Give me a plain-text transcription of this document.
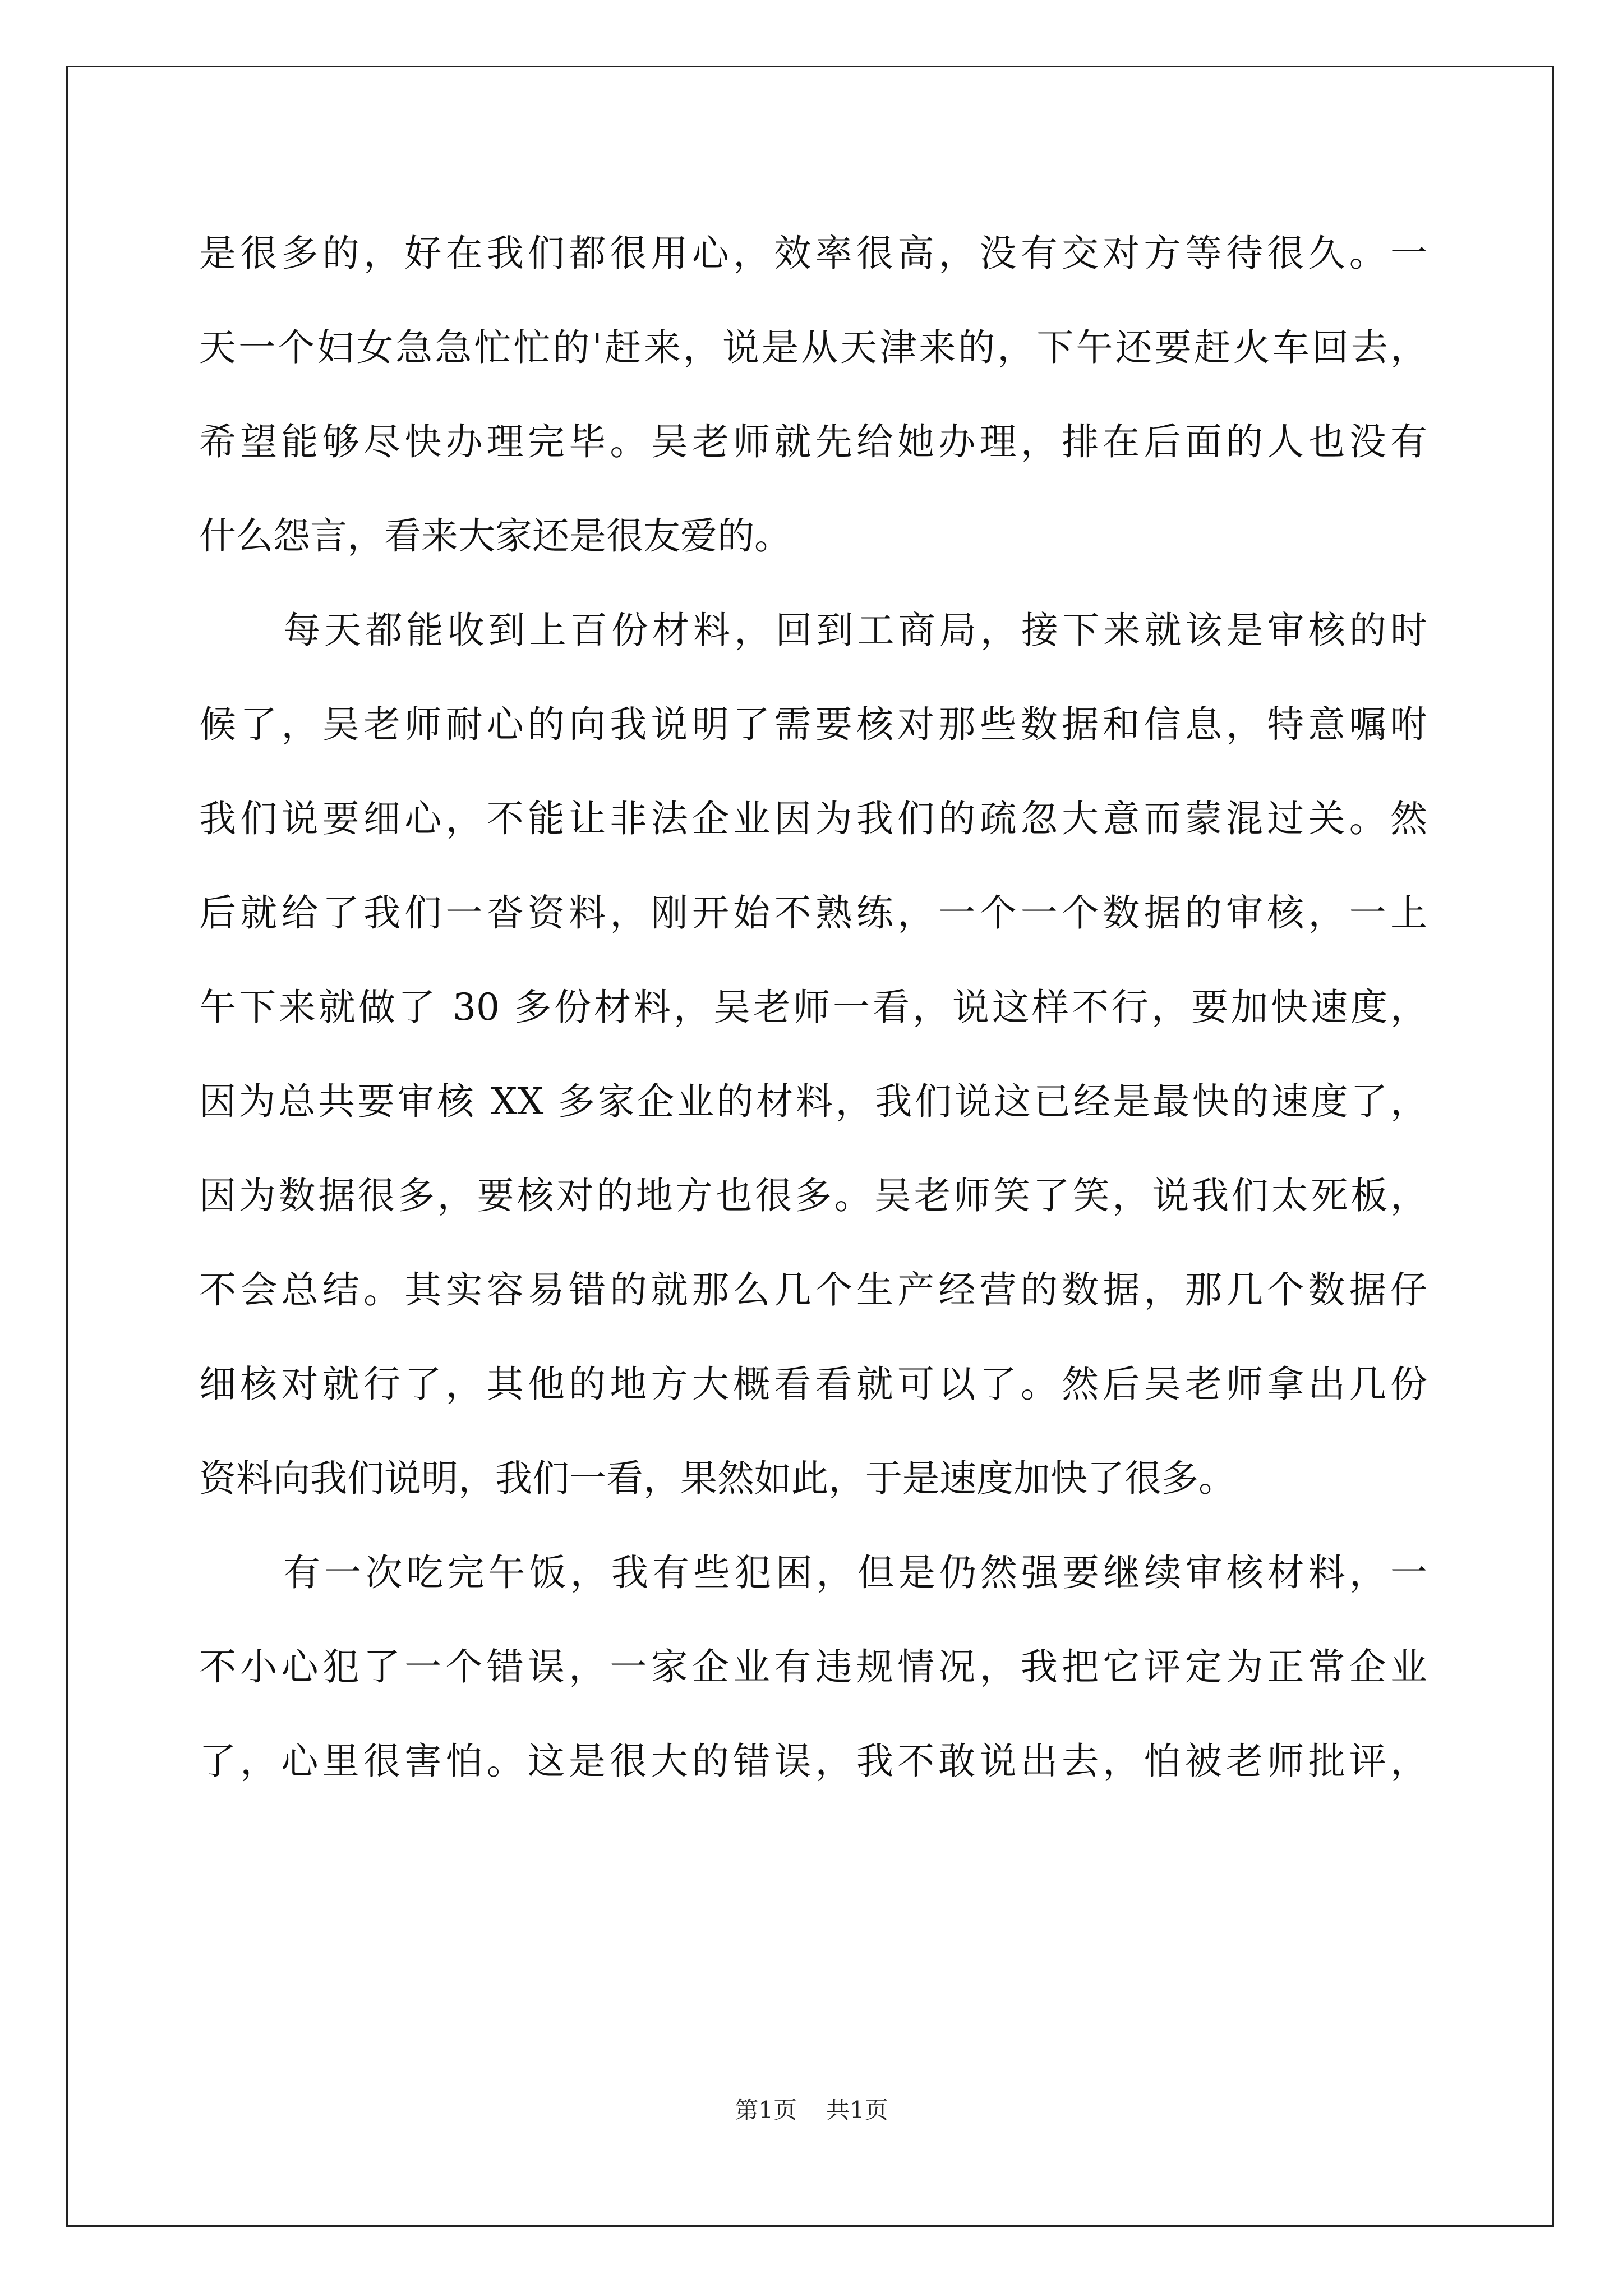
是很多的，好在我们都很用心，效率很高，没有交对方等待很久。一
天一个妇女急急忙忙的'赶来，说是从天津来的，下午还要赶火车回去，
希望能够尽快办理完毕。吴老师就先给她办理，排在后面的人也没有
什么怨言，看来大家还是很友爱的。
每天都能收到上百份材料，回到工商局，接下来就该是审核的时
候了，吴老师耐心的向我说明了需要核对那些数据和信息，特意嘱咐
我们说要细心，不能让非法企业因为我们的疏忽大意而蒙混过关。然
后就给了我们一沓资料，刚开始不熟练，一个一个数据的审核，一上
午下来就做了 30 多份材料，吴老师一看，说这样不行，要加快速度，
因为总共要审核 XX 多家企业的材料，我们说这已经是最快的速度了，
因为数据很多，要核对的地方也很多。吴老师笑了笑，说我们太死板，
不会总结。其实容易错的就那么几个生产经营的数据，那几个数据仔
细核对就行了，其他的地方大概看看就可以了。然后吴老师拿出几份
资料向我们说明，我们一看，果然如此，于是速度加快了很多。
有一次吃完午饭，我有些犯困，但是仍然强要继续审核材料，一
不小心犯了一个错误，一家企业有违规情况，我把它评定为正常企业
了，心里很害怕。这是很大的错误，我不敢说出去，怕被老师批评，
第1页 共1页
